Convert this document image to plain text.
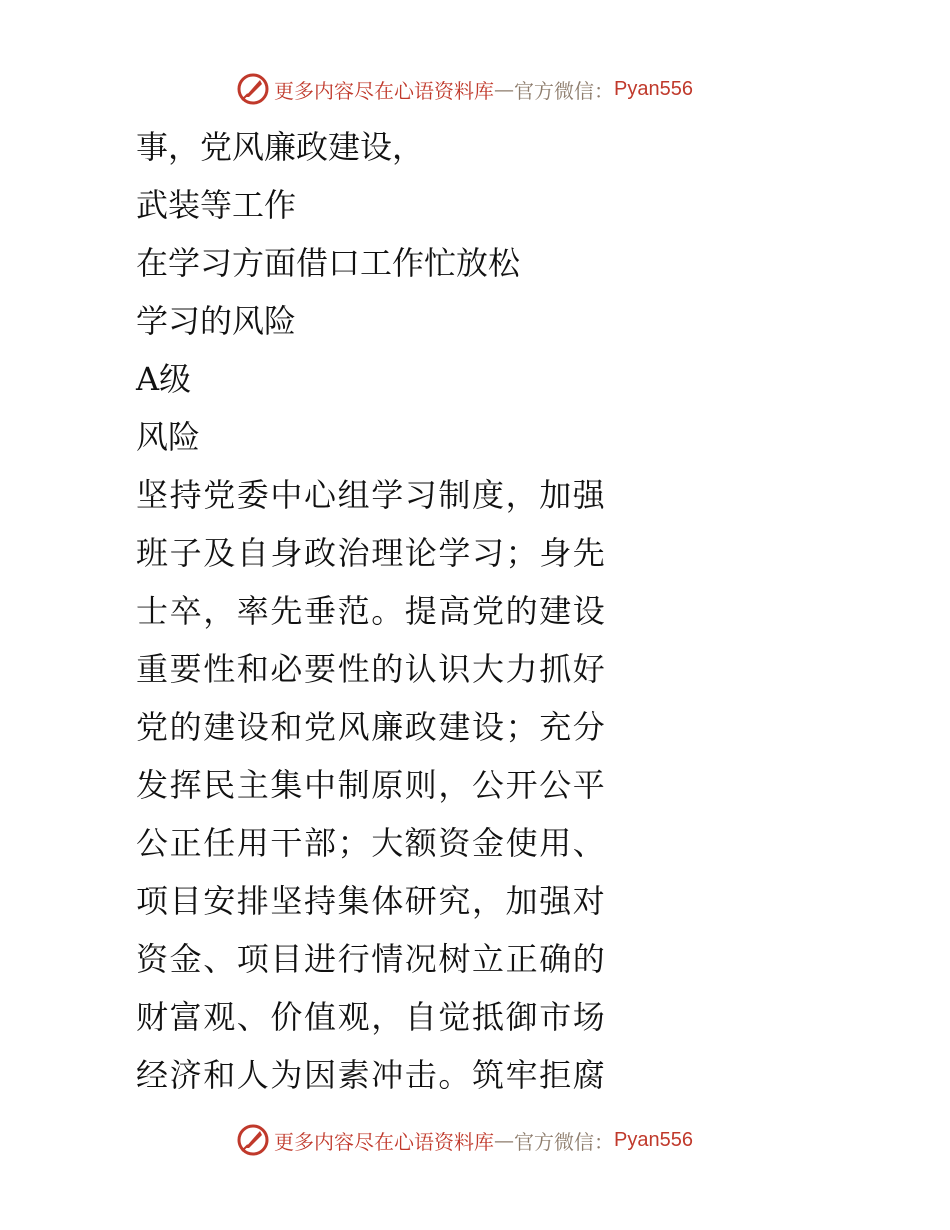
更多内容尽在心语资料库 — 官方微信： Pyan556
事，党风廉政建设，
武装等工作
在学习方面借口工作忙放松
学习的风险
A级
风险
坚持党委中心组学习制度，加强
班子及自身政治理论学习；身先
士卒，率先垂范。提高党的建设
重要性和必要性的认识大力抓好
党的建设和党风廉政建设；充分
发挥民主集中制原则，公开公平
公正任用干部；大额资金使用、
项目安排坚持集体研究，加强对
资金、项目进行情况树立正确的
财富观、价值观，自觉抵御市场
经济和人为因素冲击。筑牢拒腐
更多内容尽在心语资料库 — 官方微信： Pyan556
